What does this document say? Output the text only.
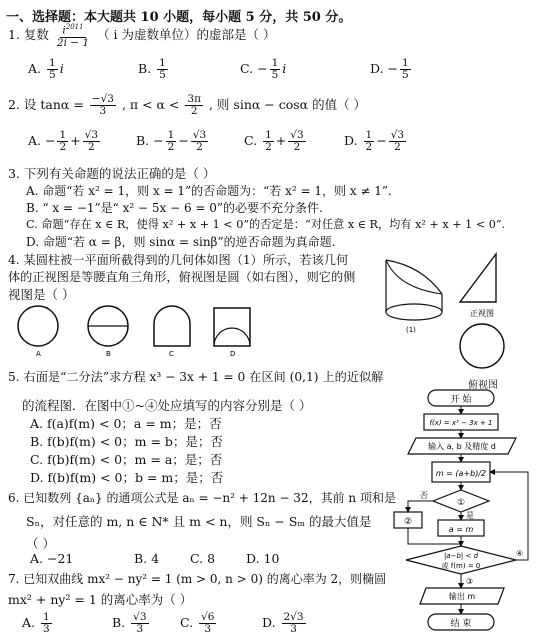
一、选择题：本大题共 10 小题，每小题 5 分，共 50 分。
1. 复数 $\frac{i^{2011}}{2i - 1}$ （ i 为虚数单位）的虚部是（ ）
A. $\frac{1}{5}$ i	B. $\frac{1}{5}$	C. − $\frac{1}{5}$ i	D. − $\frac{1}{5}$
2. 设 $\tan\alpha = \frac{-√3}{3}$ , $\pi < \alpha < \frac{3\pi}{2}$ , 则 sinα − cosα 的值（ ）
A. − $\frac{1}{2} + \frac{√3}{2}$	B. − $\frac{1}{2} - \frac{√3}{2}$	C. $\frac{1}{2} + \frac{√3}{2}$	D. $\frac{1}{2} - \frac{√3}{2}$
3. 下列有关命题的说法正确的是（ ）
A. 命题“若 x² = 1，则 x = 1”的否命题为：“若 x² = 1，则 x ≠ 1”.
B. “ x = −1”是“ x² − 5x − 6 = 0”的必要不充分条件.
C. 命题“存在 x ∈ R，使得 x² + x + 1 < 0”的否定是：“对任意 x ∈ R，均有 x² + x + 1 < 0”.
D. 命题“若 α = β，则 sinα = sinβ”的逆否命题为真命题.
4. 某圆柱被一平面所截得到的几何体如图（1）所示，若该几何
体的正视图是等腰直角三角形，俯视图是圆（如右图），则它的侧
视图是（ ）
A	B	C	D
(1)
正视图
俯视图
5. 右面是“二分法”求方程 x³ − 3x + 1 = 0 在区间 (0,1) 上的近似解
的流程图．在图中①~④处应填写的内容分别是（ ）
A. f(a)f(m) < 0；a = m；是；否
B. f(b)f(m) < 0；m = b；是；否
C. f(b)f(m) < 0；m = a；是；否
D. f(b)f(m) < 0；b = m；是；否
6. 已知数列 {aₙ} 的通项公式是 aₙ = −n² + 12n − 32，其前 n 项和是
Sₙ，对任意的 m, n ∈ N* 且 m < n，则 Sₙ − Sₘ 的最大值是
（ ）
A. −21	B. 4 C. 8 D. 10
7. 已知双曲线 mx² − ny² = 1 (m > 0, n > 0) 的离心率为 2，则椭圆
mx² + ny² = 1 的离心率为（ ）
A. $\frac{1}{3}$	B. $\frac{√3}{3}$	C. $\frac{√6}{3}$	D. $\frac{2√3}{3}$
开 始
f(x) = x³ − 3x + 1
输入 a, b 及精度 d
m = (a+b)/2
①
否
②
是
a = m
|a−b| < d
或 f(m) = 0
④
③
输出 m
结 束
